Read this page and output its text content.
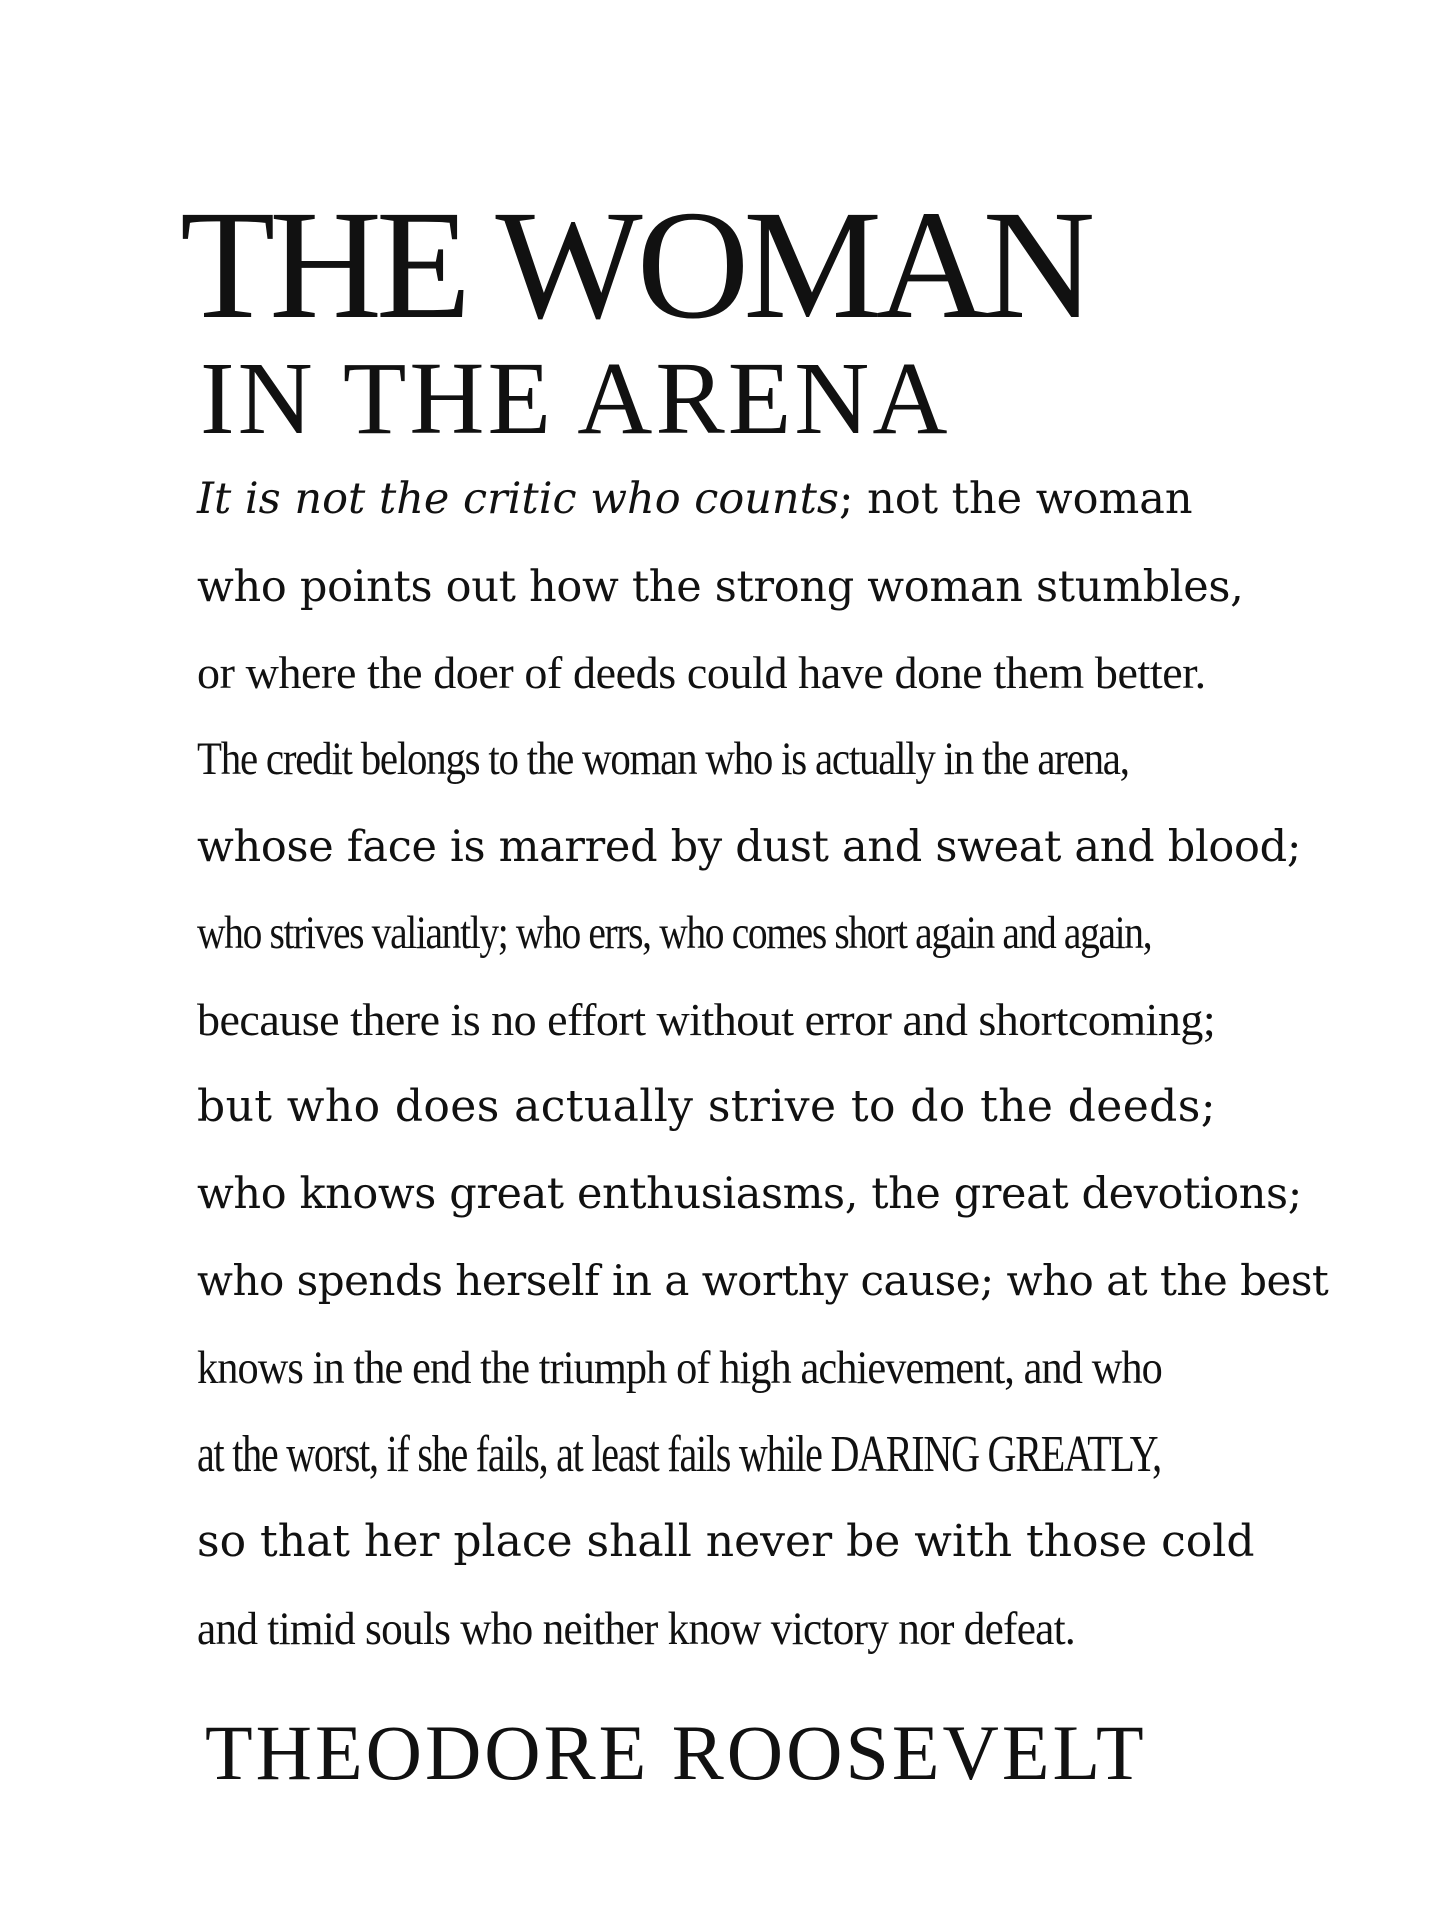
THE WOMAN
IN THE ARENA

It is not the critic who counts; not the woman

who points out how the strong woman stumbles,

or where the doer of deeds could have done them better.

The credit belongs to the woman who is actually in the arena,

whose face is marred by dust and sweat and blood;

who strives valiantly; who errs, who comes short again and again,

because there is no effort without error and shortcoming;

but who does actually strive to do the deeds;

who knows great enthusiasms, the great devotions;

who spends herself in a worthy cause; who at the best

knows in the end the triumph of high achievement, and who

at the worst, if she fails, at least fails while DARING GREATLY,

so that her place shall never be with those cold

and timid souls who neither know victory nor defeat.

THEODORE ROOSEVELT
